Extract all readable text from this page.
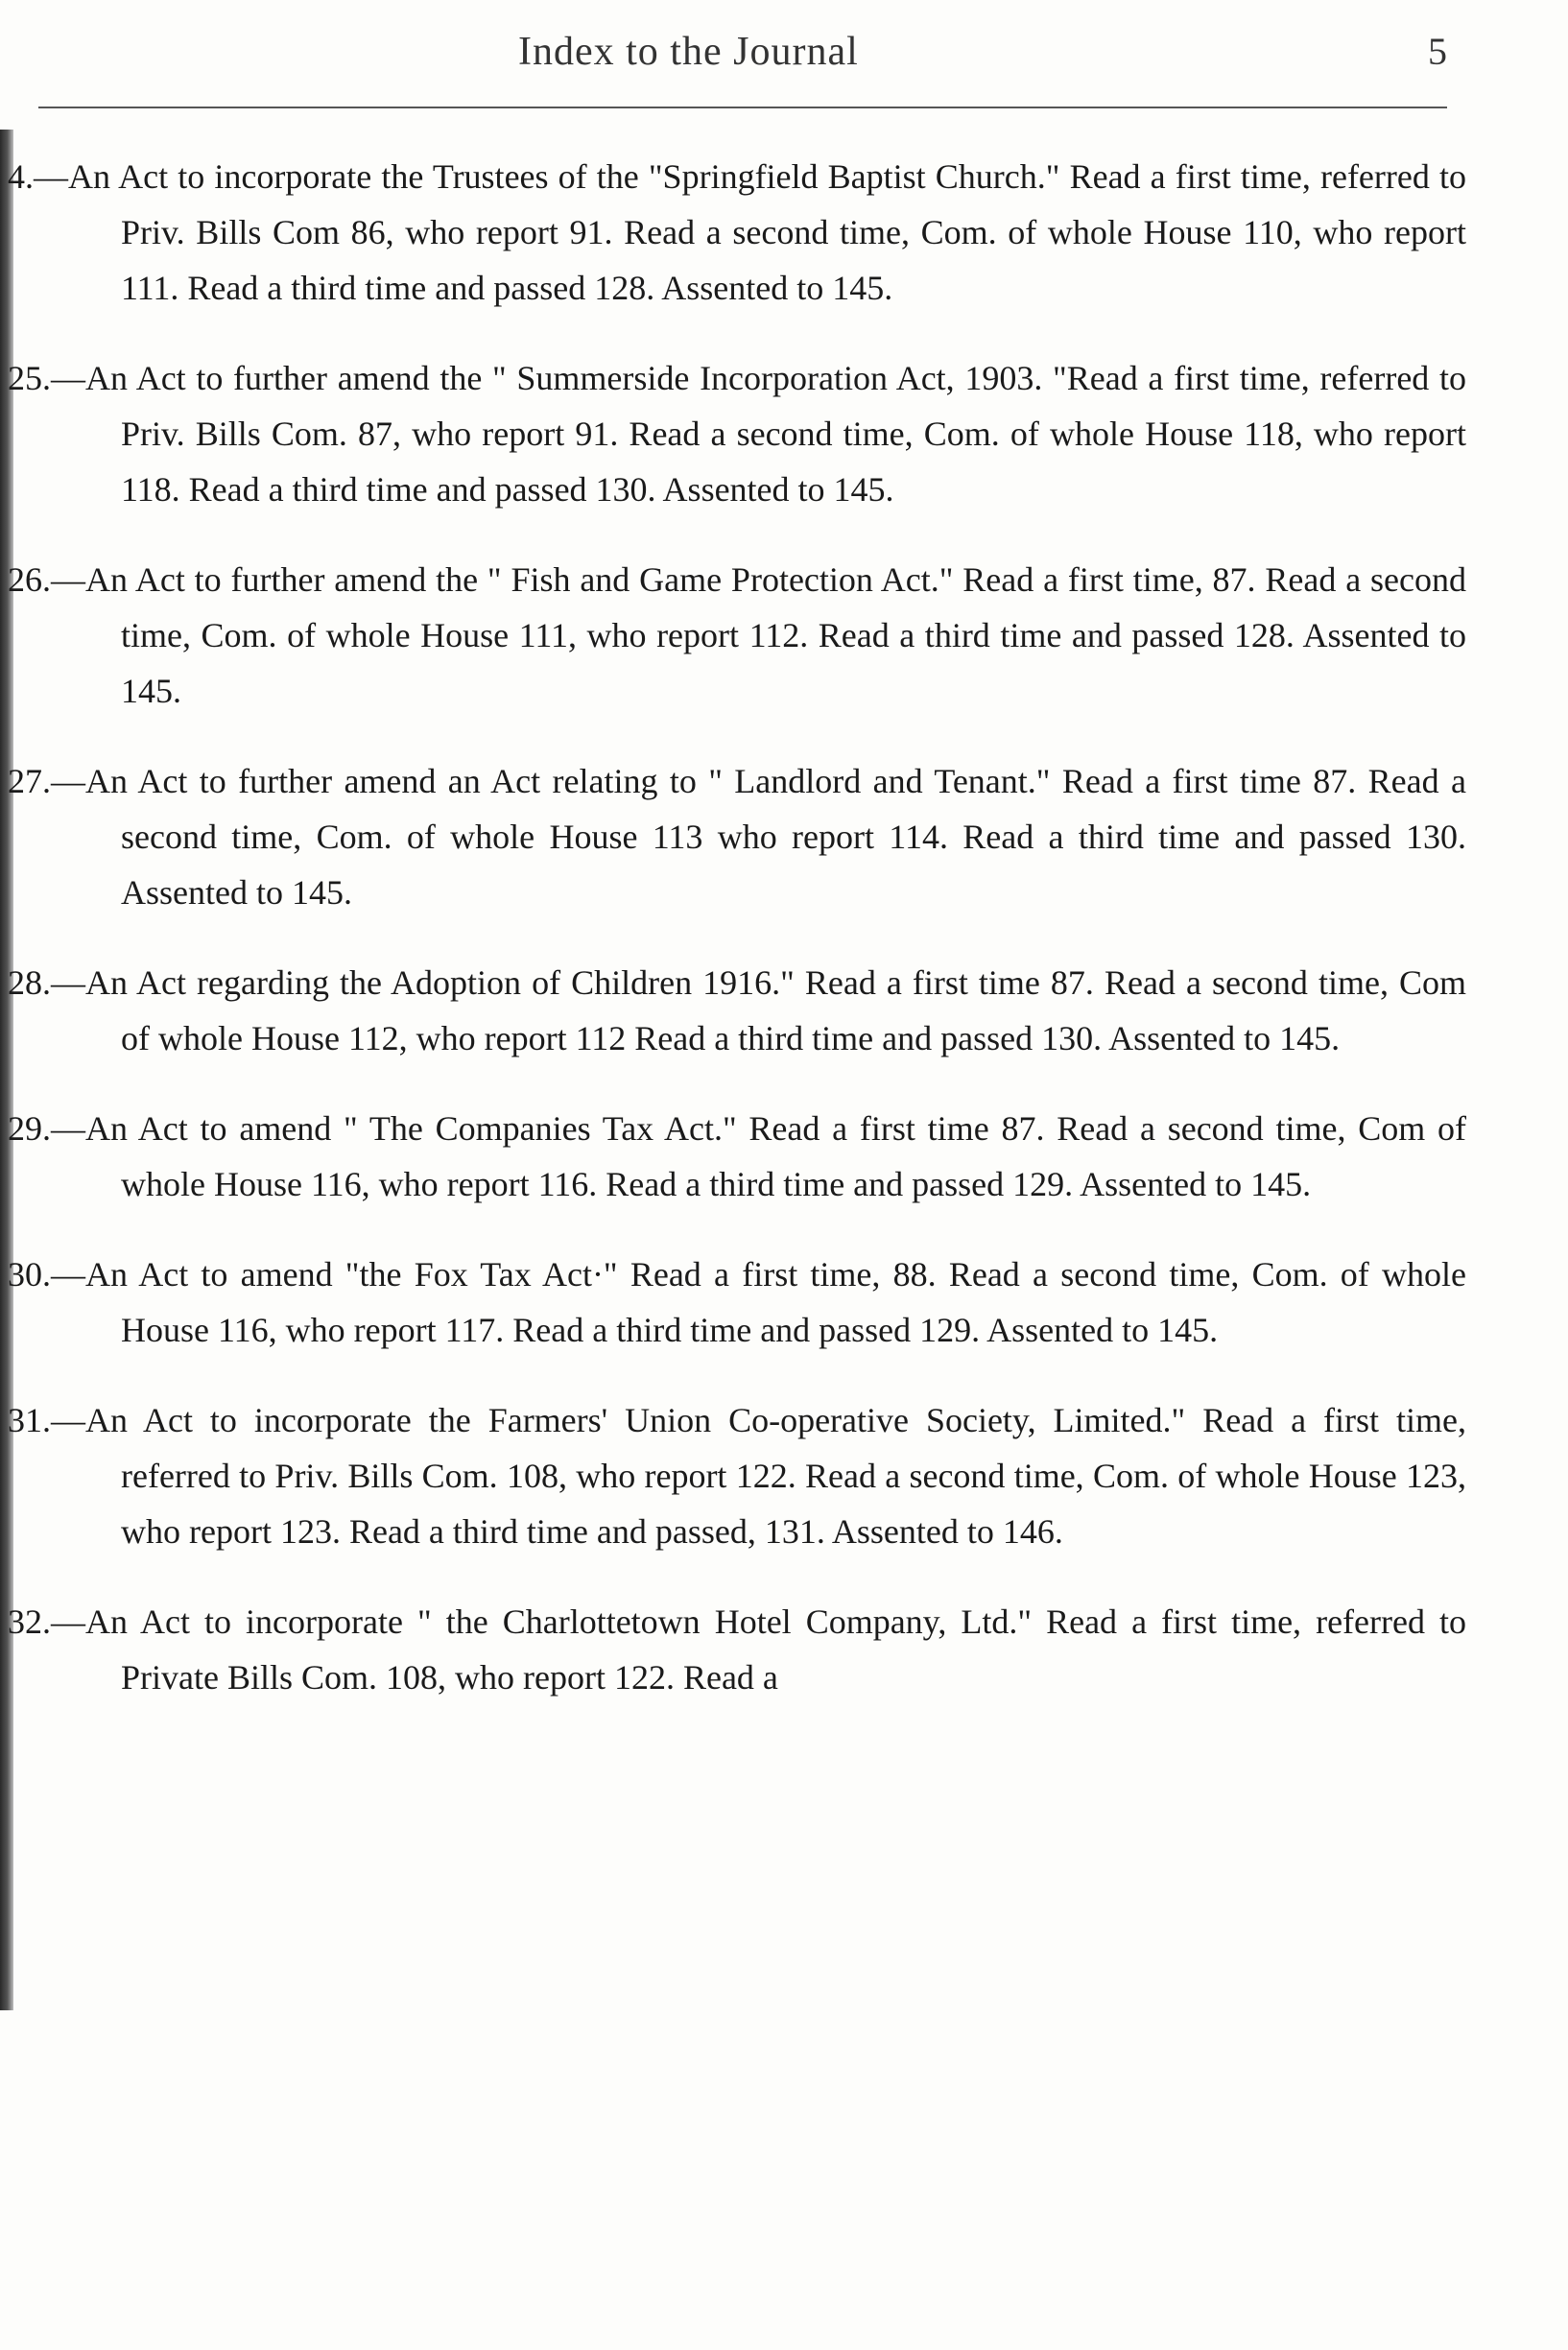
Index to the Journal	5

4.—An Act to incorporate the Trustees of the "Springfield Baptist Church." Read a first time, referred to Priv. Bills Com 86, who report 91. Read a second time, Com. of whole House 110, who report 111. Read a third time and passed 128. Assented to 145.

25.—An Act to further amend the " Summerside Incorporation Act, 1903. "Read a first time, referred to Priv. Bills Com. 87, who report 91. Read a second time, Com. of whole House 118, who report 118. Read a third time and passed 130. Assented to 145.

26.—An Act to further amend the " Fish and Game Protection Act." Read a first time, 87. Read a second time, Com. of whole House 111, who report 112. Read a third time and passed 128. Assented to 145.

27.—An Act to further amend an Act relating to " Landlord and Tenant." Read a first time 87. Read a second time, Com. of whole House 113 who report 114. Read a third time and passed 130. Assented to 145.

28.—An Act regarding the Adoption of Children 1916." Read a first time 87. Read a second time, Com of whole House 112, who report 112 Read a third time and passed 130. Assented to 145.

29.—An Act to amend " The Companies Tax Act." Read a first time 87. Read a second time, Com of whole House 116, who report 116. Read a third time and passed 129. Assented to 145.

30.—An Act to amend "the Fox Tax Act·" Read a first time, 88. Read a second time, Com. of whole House 116, who report 117. Read a third time and passed 129. Assented to 145.

31.—An Act to incorporate the Farmers' Union Co-operative Society, Limited." Read a first time, referred to Priv. Bills Com. 108, who report 122. Read a second time, Com. of whole House 123, who report 123. Read a third time and passed, 131. Assented to 146.

32.—An Act to incorporate " the Charlottetown Hotel Company, Ltd." Read a first time, referred to Private Bills Com. 108, who report 122. Read a
